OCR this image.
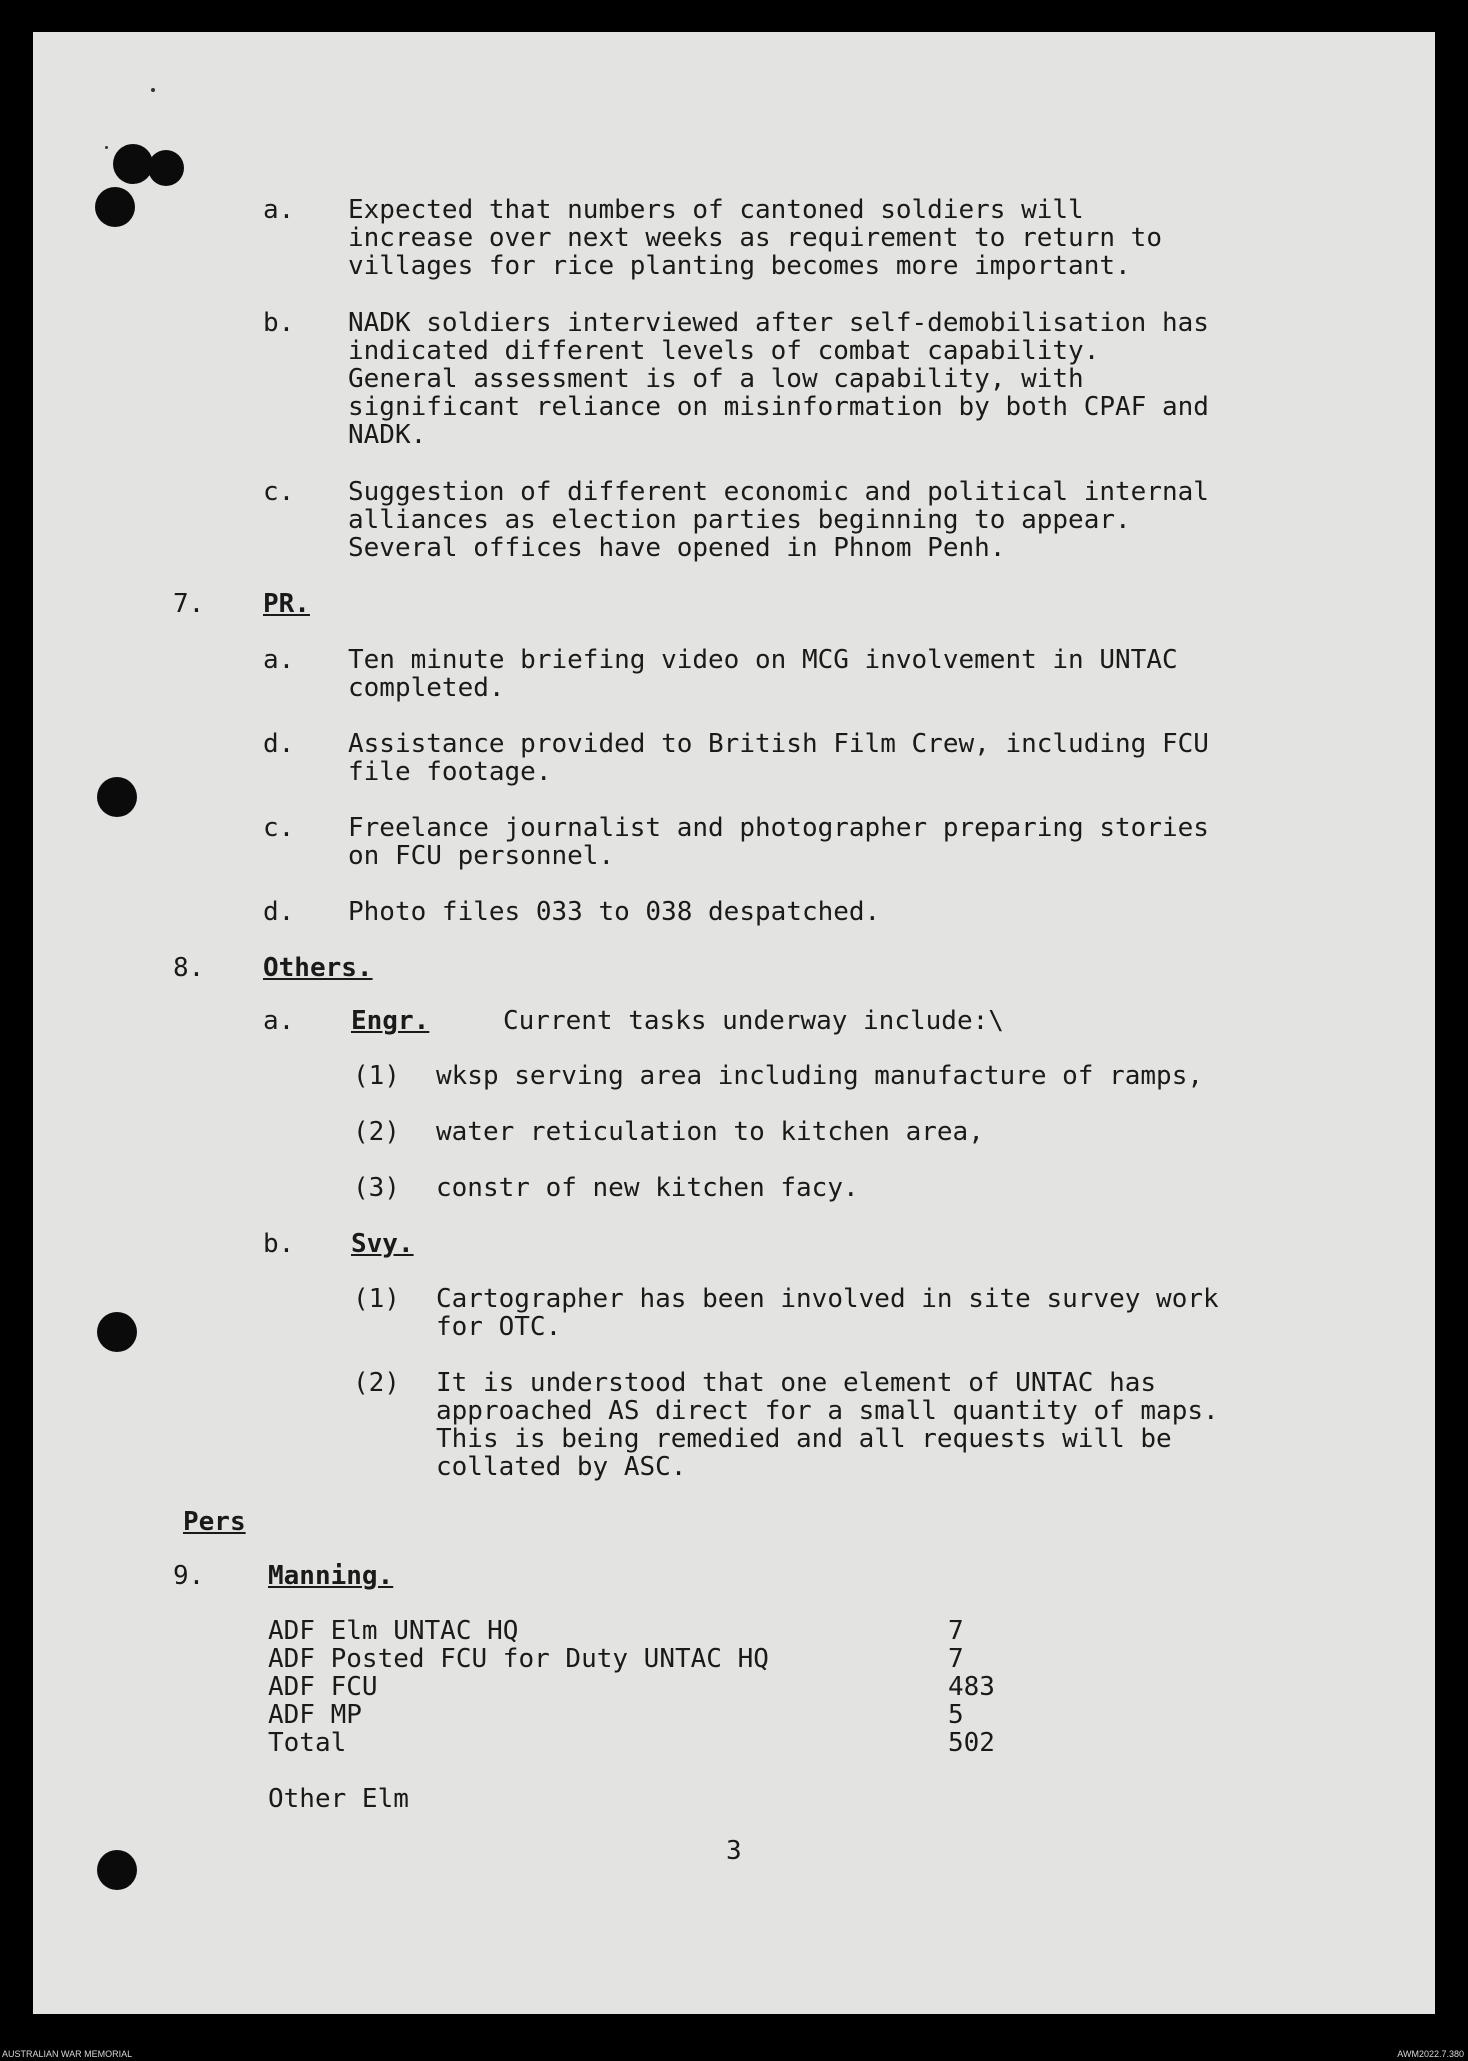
a. Expected that numbers of cantoned soldiers will

increase over next weeks as requirement to return to

villages for rice planting becomes more important.

b. NADK soldiers interviewed after self-demobilisation has

indicated different levels of combat capability.

General assessment is of a low capability, with

significant reliance on misinformation by both CPAF and

NADK.

c. Suggestion of different economic and political internal

alliances as election parties beginning to appear.

Several offices have opened in Phnom Penh.

7. PR.

a. Ten minute briefing video on MCG involvement in UNTAC

completed.

d. Assistance provided to British Film Crew, including FCU

file footage.

c. Freelance journalist and photographer preparing stories

on FCU personnel.

d. Photo files 033 to 038 despatched.

8. Others.

a. Engr.	Current tasks underway include:\

(1) wksp serving area including manufacture of ramps,

(2) water reticulation to kitchen area,

(3) constr of new kitchen facy.

b. Svy.

(1) Cartographer has been involved in site survey work

for OTC.

(2) It is understood that one element of UNTAC has

approached AS direct for a small quantity of maps.

This is being remedied and all requests will be

collated by ASC.

Pers

9. Manning.

ADF Elm UNTAC HQ	7

ADF Posted FCU for Duty UNTAC HQ	7

ADF FCU	483

ADF MP	5

Total	502

Other Elm

3

AUSTRALIAN WAR MEMORIAL	AWM2022.7.380
